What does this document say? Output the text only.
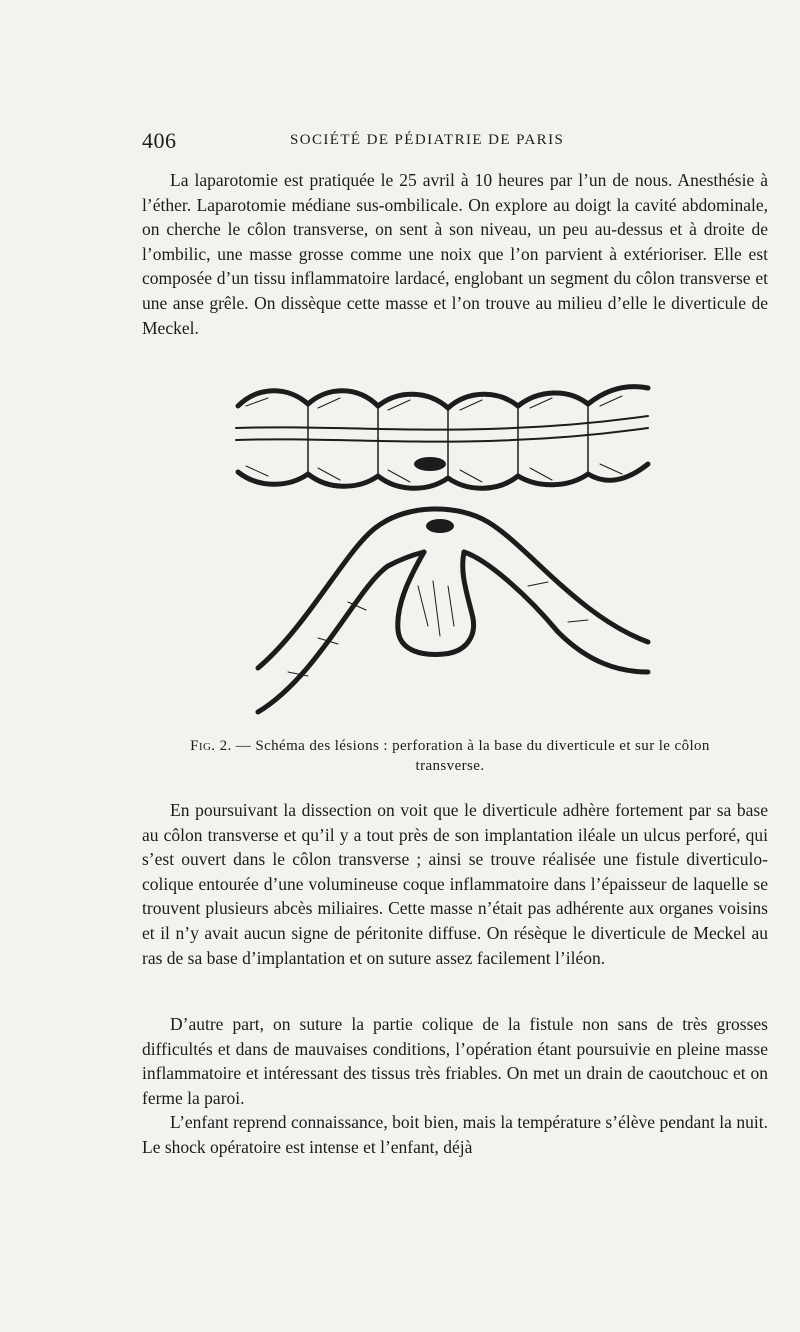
406	SOCIÉTÉ DE PÉDIATRIE DE PARIS

La laparotomie est pratiquée le 25 avril à 10 heures par l’un de nous. Anesthésie à l’éther. Laparotomie médiane sus-ombilicale. On explore au doigt la cavité abdominale, on cherche le côlon transverse, on sent à son niveau, un peu au-dessus et à droite de l’ombilic, une masse grosse comme une noix que l’on parvient à extérioriser. Elle est composée d’un tissu inflammatoire lardacé, englobant un segment du côlon transverse et une anse grêle. On dissèque cette masse et l’on trouve au milieu d’elle le diverticule de Meckel.

Fig. 2. — Schéma des lésions : perforation à la base du diverticule et sur le côlon transverse.

En poursuivant la dissection on voit que le diverticule adhère fortement par sa base au côlon transverse et qu’il y a tout près de son implantation iléale un ulcus perforé, qui s’est ouvert dans le côlon transverse ; ainsi se trouve réalisée une fistule diverticulo-colique entourée d’une volumineuse coque inflammatoire dans l’épaisseur de laquelle se trouvent plusieurs abcès miliaires. Cette masse n’était pas adhérente aux organes voisins et il n’y avait aucun signe de péritonite diffuse. On résèque le diverticule de Meckel au ras de sa base d’implantation et on suture assez facilement l’iléon.

D’autre part, on suture la partie colique de la fistule non sans de très grosses difficultés et dans de mauvaises conditions, l’opération étant poursuivie en pleine masse inflammatoire et intéressant des tissus très friables. On met un drain de caoutchouc et on ferme la paroi.

L’enfant reprend connaissance, boit bien, mais la température s’élève pendant la nuit. Le shock opératoire est intense et l’enfant, déjà
